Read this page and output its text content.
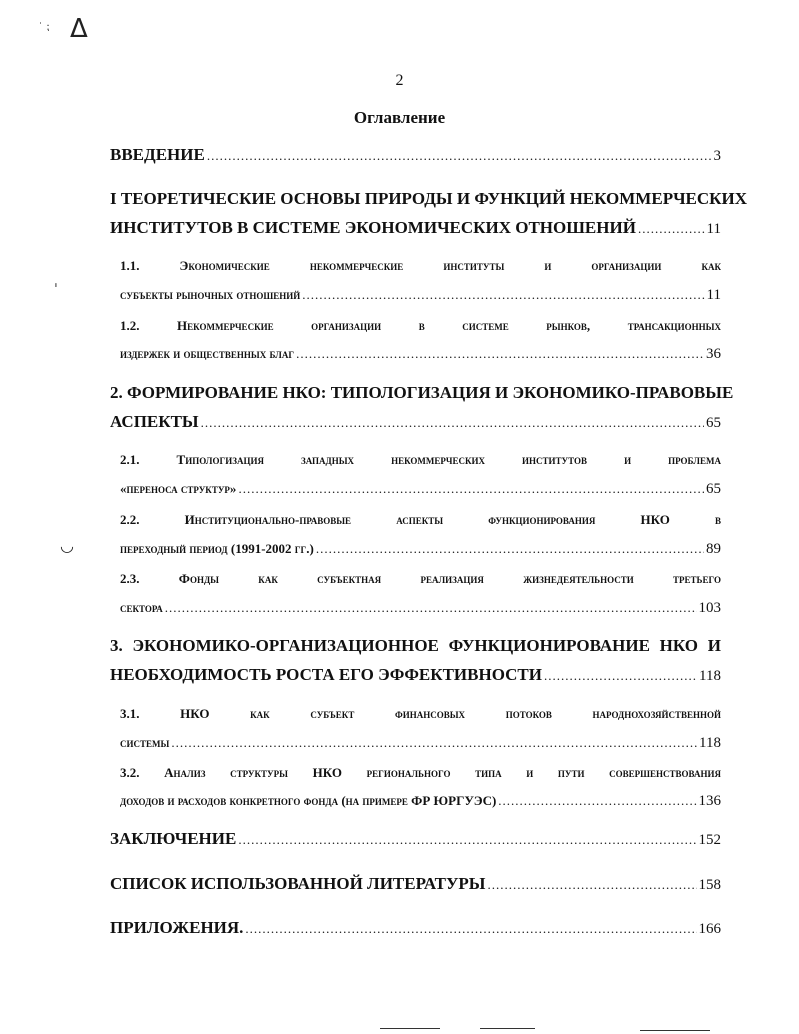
Δ
˙ ⁏
ˈ
◡
2
Оглавление
ВВЕДЕНИЕ .....	3
I ТЕОРЕТИЧЕСКИЕ ОСНОВЫ ПРИРОДЫ И ФУНКЦИЙ НЕКОММЕРЧЕСКИХ
ИНСТИТУТОВ В СИСТЕМЕ ЭКОНОМИЧЕСКИХ ОТНОШЕНИЙ .....	11
1.1. Экономические некоммерческие институты и организации как
субъекты рыночных отношений .....	11
1.2. Некоммерческие организации в системе рынков, трансакционных
издержек и общественных благ .....	36
2. ФОРМИРОВАНИЕ НКО: ТИПОЛОГИЗАЦИЯ И ЭКОНОМИКО-ПРАВОВЫЕ
АСПЕКТЫ .....	65
2.1. Типологизация западных некоммерческих институтов и проблема
«переноса структур» .....	65
2.2. Институционально-правовые аспекты функционирования НКО в
переходный период (1991-2002 гг.) .....	89
2.3. Фонды как субъектная реализация жизнедеятельности третьего
сектора .....	103
3. ЭКОНОМИКО-ОРГАНИЗАЦИОННОЕ ФУНКЦИОНИРОВАНИЕ НКО И
НЕОБХОДИМОСТЬ РОСТА ЕГО ЭФФЕКТИВНОСТИ .....	118
3.1. НКО как субъект финансовых потоков народнохозяйственной
системы .....	118
3.2. Анализ структуры НКО регионального типа и пути совершенствования
доходов и расходов конкретного фонда (на примере ФР ЮРГУЭС) .....	136
ЗАКЛЮЧЕНИЕ .....	152
СПИСОК ИСПОЛЬЗОВАННОЙ ЛИТЕРАТУРЫ .....	158
ПРИЛОЖЕНИЯ. .....	166
